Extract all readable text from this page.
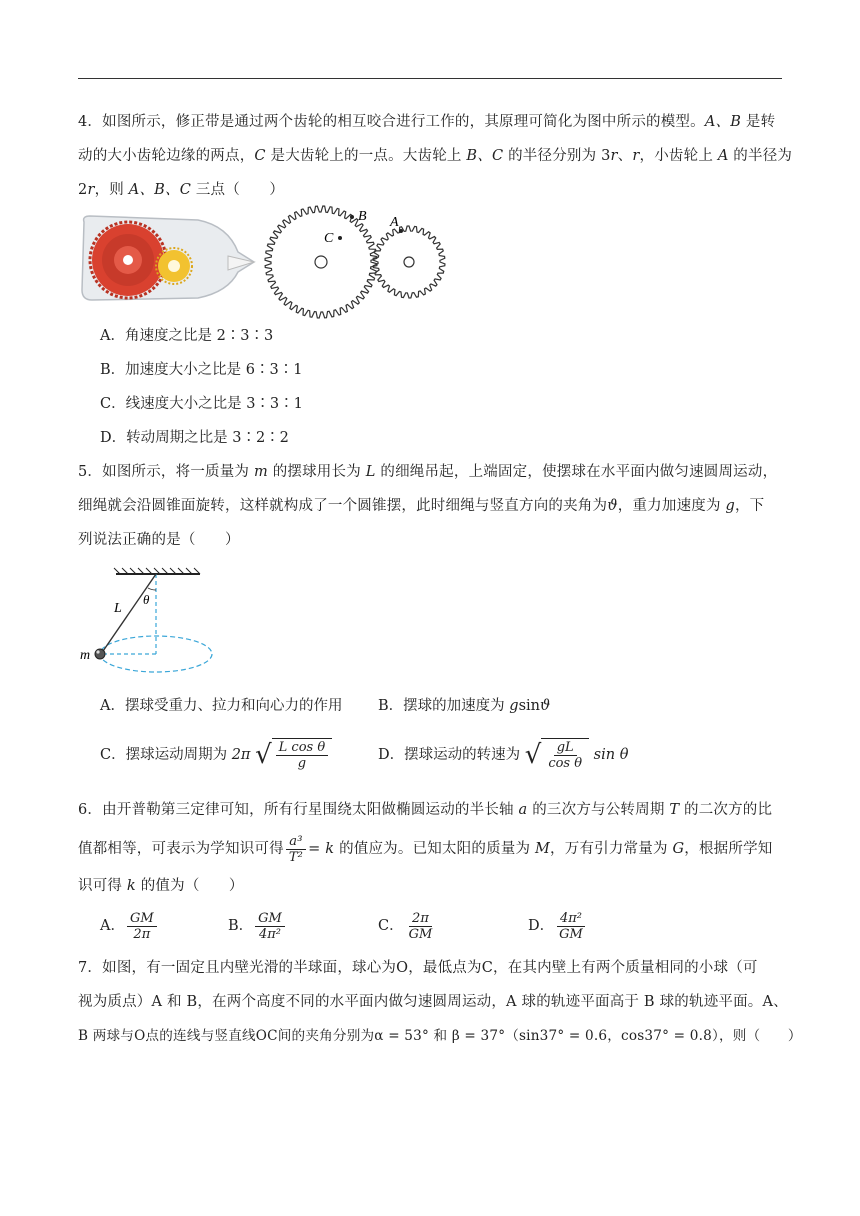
4．如图所示，修正带是通过两个齿轮的相互咬合进行工作的，其原理可简化为图中所示的模型。A、B 是转
动的大小齿轮边缘的两点，C 是大齿轮上的一点。大齿轮上 B、C 的半径分别为 3r、r，小齿轮上 A 的半径为
2r，则 A、B、C 三点（　　）
C
B A
A．角速度之比是 2∶3∶3
B．加速度大小之比是 6∶3∶1
C．线速度大小之比是 3∶3∶1
D．转动周期之比是 3∶2∶2
5．如图所示，将一质量为 m 的摆球用长为 L 的细绳吊起，上端固定，使摆球在水平面内做匀速圆周运动，
细绳就会沿圆锥面旋转，这样就构成了一个圆锥摆，此时细绳与竖直方向的夹角为ϑ，重力加速度为 g，下
列说法正确的是（　　）
L
θ
m
A．摆球受重力、拉力和向心力的作用 B．摆球的加速度为 gsinϑ
C．摆球运动周期为 2π √ $\frac{\text{L cos θ}}{g}$	D．摆球运动的转速为 √ $\frac{gL}{\text{cos θ}}$ sin θ
6．由开普勒第三定律可知，所有行星围绕太阳做椭圆运动的半长轴 a 的三次方与公转周期 T 的二次方的比
值都相等，可表示为学知识可得 $\frac{\text{a³}}{\text{T²}} = k$ 的值应为。已知太阳的质量为 M，万有引力常量为 G，根据所学知
识可得 k 的值为（　　）
A． $\frac{GM}{2\pi}$	B． $\frac{GM}{\text{4π²}}$	C． $\frac{2\pi}{GM}$	D． $\frac{\text{4π²}}{GM}$
7．如图，有一固定且内壁光滑的半球面，球心为O，最低点为C，在其内壁上有两个质量相同的小球（可
视为质点）A 和 B，在两个高度不同的水平面内做匀速圆周运动，A 球的轨迹平面高于 B 球的轨迹平面。A、
B 两球与O点的连线与竖直线OC间的夹角分别为α = 53° 和 β = 37°（sin37° = 0.6，cos37° = 0.8），则（　　）
